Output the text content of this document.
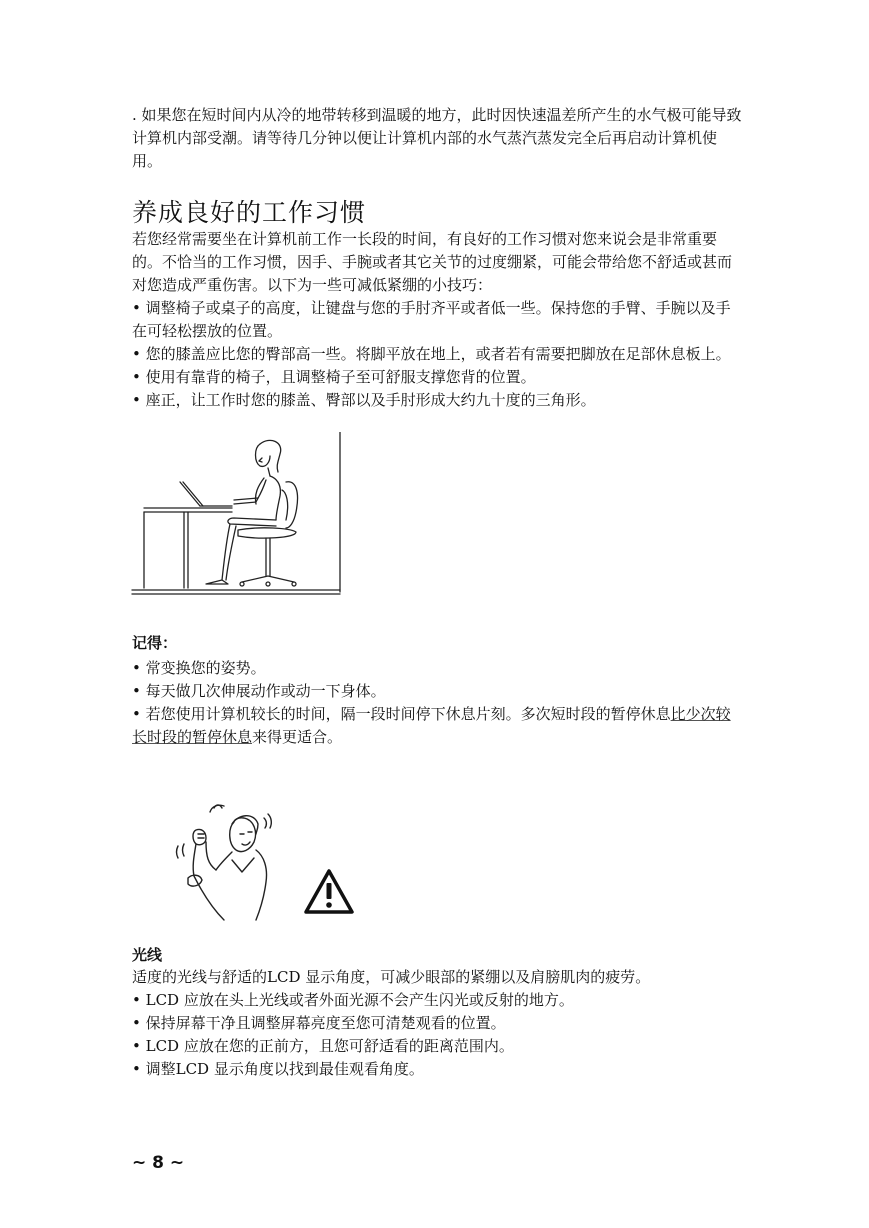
. 如果您在短时间内从冷的地带转移到温暖的地方，此时因快速温差所产生的水气极可能导致计算机内部受潮。请等待几分钟以便让计算机内部的水气蒸汽蒸发完全后再启动计算机使用。

养成良好的工作习惯
若您经常需要坐在计算机前工作一长段的时间，有良好的工作习惯对您来说会是非常重要的。不恰当的工作习惯，因手、手腕或者其它关节的过度绷紧，可能会带给您不舒适或甚而对您造成严重伤害。以下为一些可减低紧绷的小技巧：
• 调整椅子或桌子的高度，让键盘与您的手肘齐平或者低一些。保持您的手臂、手腕以及手在可轻松摆放的位置。
• 您的膝盖应比您的臀部高一些。将脚平放在地上，或者若有需要把脚放在足部休息板上。
• 使用有靠背的椅子，且调整椅子至可舒服支撑您背的位置。
• 座正，让工作时您的膝盖、臀部以及手肘形成大约九十度的三角形。
记得：
• 常变换您的姿势。
• 每天做几次伸展动作或动一下身体。
• 若您使用计算机较长的时间，隔一段时间停下休息片刻。多次短时段的暂停休息比少次较长时段的暂停休息来得更适合。
光线
适度的光线与舒适的LCD 显示角度，可减少眼部的紧绷以及肩膀肌肉的疲劳。
• LCD 应放在头上光线或者外面光源不会产生闪光或反射的地方。
• 保持屏幕干净且调整屏幕亮度至您可清楚观看的位置。
• LCD 应放在您的正前方，且您可舒适看的距离范围内。
• 调整LCD 显示角度以找到最佳观看角度。
~ 8 ~
